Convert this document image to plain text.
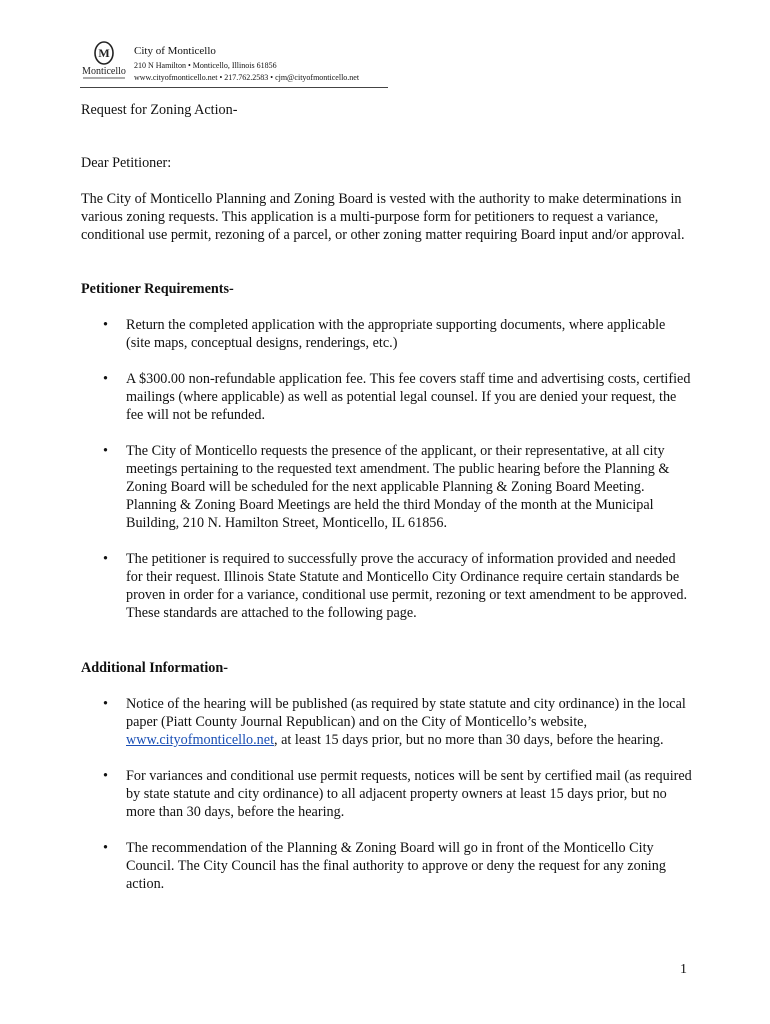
M
Monticello

City of Monticello

210 N Hamilton • Monticello, Illinois 61856

www.cityofmonticello.net • 217.762.2583 • cjm@cityofmonticello.net

Request for Zoning Action-

Dear Petitioner:

The City of Monticello Planning and Zoning Board is vested with the authority to make determinations in various zoning requests. This application is a multi-purpose form for petitioners to request a variance, conditional use permit, rezoning of a parcel, or other zoning matter requiring Board input and/or approval.

Petitioner Requirements-

• Return the completed application with the appropriate supporting documents, where applicable (site maps, conceptual designs, renderings, etc.)
• A $300.00 non-refundable application fee. This fee covers staff time and advertising costs, certified mailings (where applicable) as well as potential legal counsel. If you are denied your request, the fee will not be refunded.
• The City of Monticello requests the presence of the applicant, or their representative, at all city meetings pertaining to the requested text amendment. The public hearing before the Planning & Zoning Board will be scheduled for the next applicable Planning & Zoning Board Meeting. Planning & Zoning Board Meetings are held the third Monday of the month at the Municipal Building, 210 N. Hamilton Street, Monticello, IL 61856.
• The petitioner is required to successfully prove the accuracy of information provided and needed for their request. Illinois State Statute and Monticello City Ordinance require certain standards be proven in order for a variance, conditional use permit, rezoning or text amendment to be approved. These standards are attached to the following page.

Additional Information-

• Notice of the hearing will be published (as required by state statute and city ordinance) in the local paper (Piatt County Journal Republican) and on the City of Monticello’s website, www.cityofmonticello.net, at least 15 days prior, but no more than 30 days, before the hearing.
• For variances and conditional use permit requests, notices will be sent by certified mail (as required by state statute and city ordinance) to all adjacent property owners at least 15 days prior, but no more than 30 days, before the hearing.
• The recommendation of the Planning & Zoning Board will go in front of the Monticello City Council. The City Council has the final authority to approve or deny the request for any zoning action.

1
